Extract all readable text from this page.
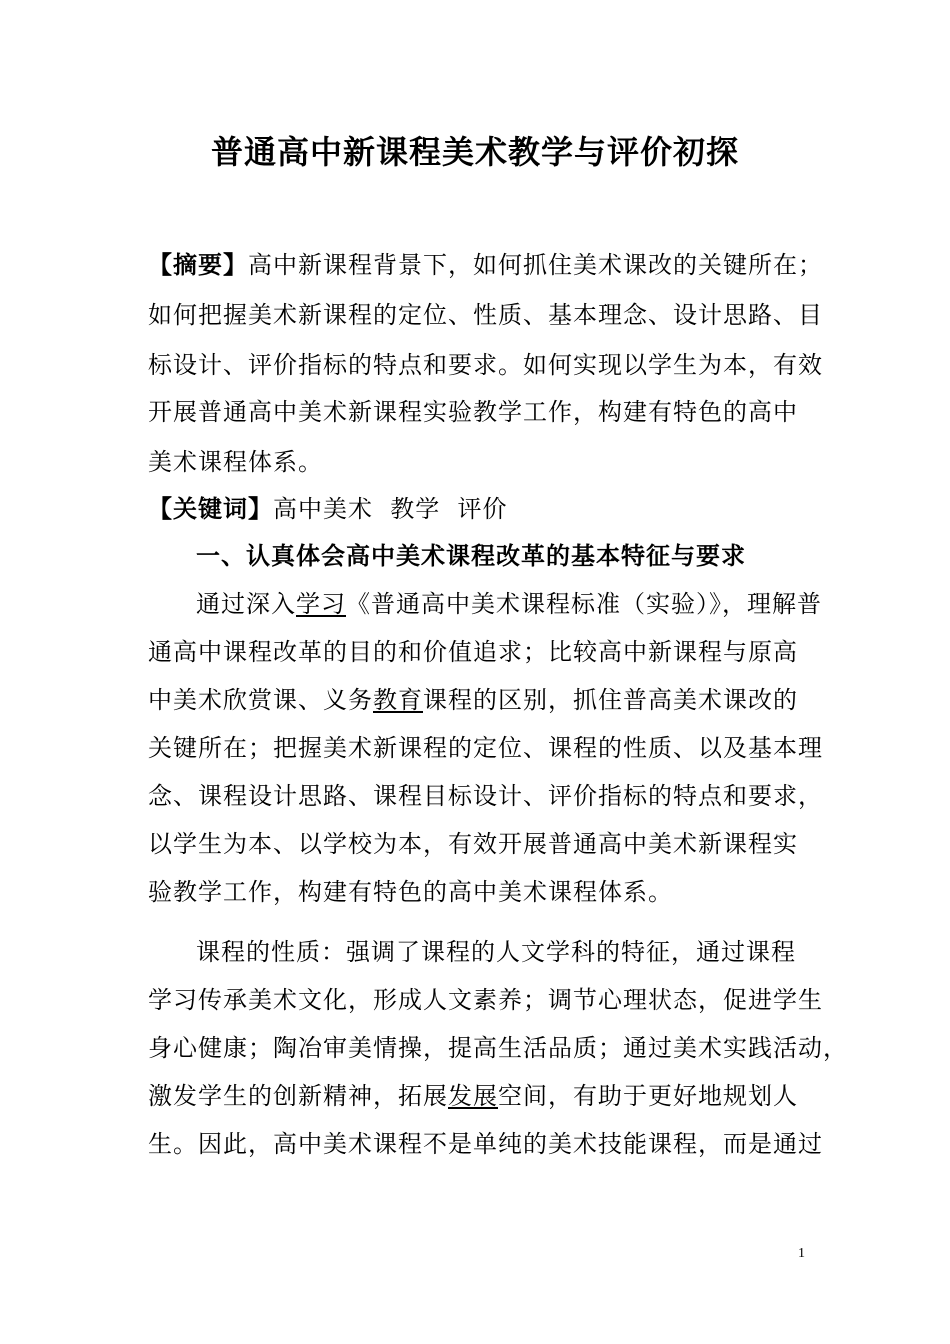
普通高中新课程美术教学与评价初探
【摘要】高中新课程背景下，如何抓住美术课改的关键所在；
如何把握美术新课程的定位、性质、基本理念、设计思路、目
标设计、评价指标的特点和要求。如何实现以学生为本，有效
开展普通高中美术新课程实验教学工作，构建有特色的高中
美术课程体系。
【关键词】高中美术  教学  评价
一、认真体会高中美术课程改革的基本特征与要求
通过深入学习《普通高中美术课程标准（实验）》，理解普
通高中课程改革的目的和价值追求；比较高中新课程与原高
中美术欣赏课、义务教育课程的区别，抓住普高美术课改的
关键所在；把握美术新课程的定位、课程的性质、以及基本理
念、课程设计思路、课程目标设计、评价指标的特点和要求，
以学生为本、以学校为本，有效开展普通高中美术新课程实
验教学工作，构建有特色的高中美术课程体系。
课程的性质：强调了课程的人文学科的特征，通过课程
学习传承美术文化，形成人文素养；调节心理状态，促进学生
身心健康；陶冶审美情操，提高生活品质；通过美术实践活动，
激发学生的创新精神，拓展发展空间，有助于更好地规划人
生。因此，高中美术课程不是单纯的美术技能课程，而是通过
1
